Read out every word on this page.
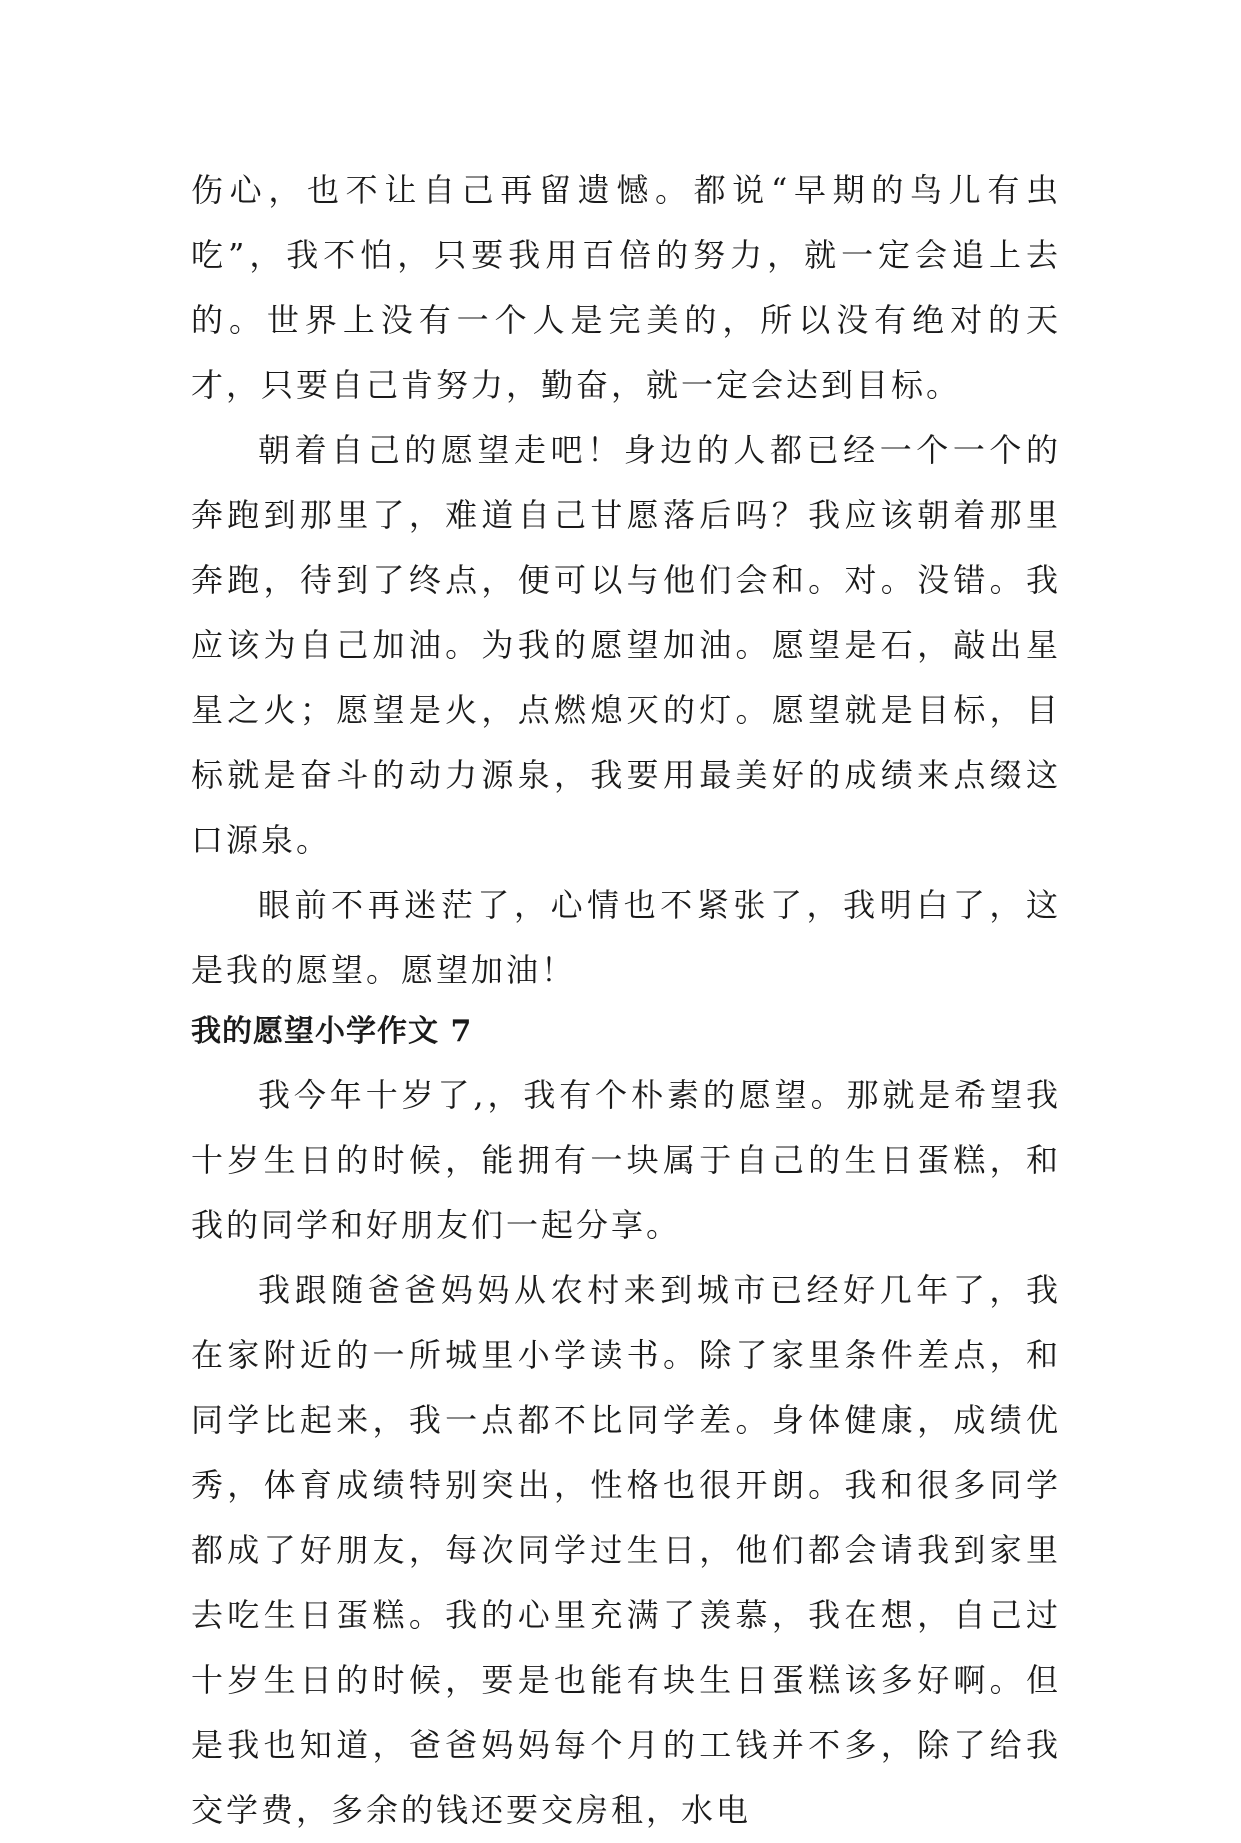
伤心，也不让自己再留遗憾。都说“早期的鸟儿有虫吃”，我不怕，只要我用百倍的努力，就一定会追上去的。世界上没有一个人是完美的，所以没有绝对的天才，只要自己肯努力，勤奋，就一定会达到目标。

朝着自己的愿望走吧！身边的人都已经一个一个的奔跑到那里了，难道自己甘愿落后吗？我应该朝着那里奔跑，待到了终点，便可以与他们会和。对。没错。我应该为自己加油。为我的愿望加油。愿望是石，敲出星星之火；愿望是火，点燃熄灭的灯。愿望就是目标，目标就是奋斗的动力源泉，我要用最美好的成绩来点缀这口源泉。

眼前不再迷茫了，心情也不紧张了，我明白了，这是我的愿望。愿望加油！

我的愿望小学作文 7

我今年十岁了,，我有个朴素的愿望。那就是希望我十岁生日的时候，能拥有一块属于自己的生日蛋糕，和我的同学和好朋友们一起分享。

我跟随爸爸妈妈从农村来到城市已经好几年了，我在家附近的一所城里小学读书。除了家里条件差点，和同学比起来，我一点都不比同学差。身体健康，成绩优秀，体育成绩特别突出，性格也很开朗。我和很多同学都成了好朋友，每次同学过生日，他们都会请我到家里去吃生日蛋糕。我的心里充满了羡慕，我在想，自己过十岁生日的时候，要是也能有块生日蛋糕该多好啊。但是我也知道，爸爸妈妈每个月的工钱并不多，除了给我交学费，多余的钱还要交房租，水电
